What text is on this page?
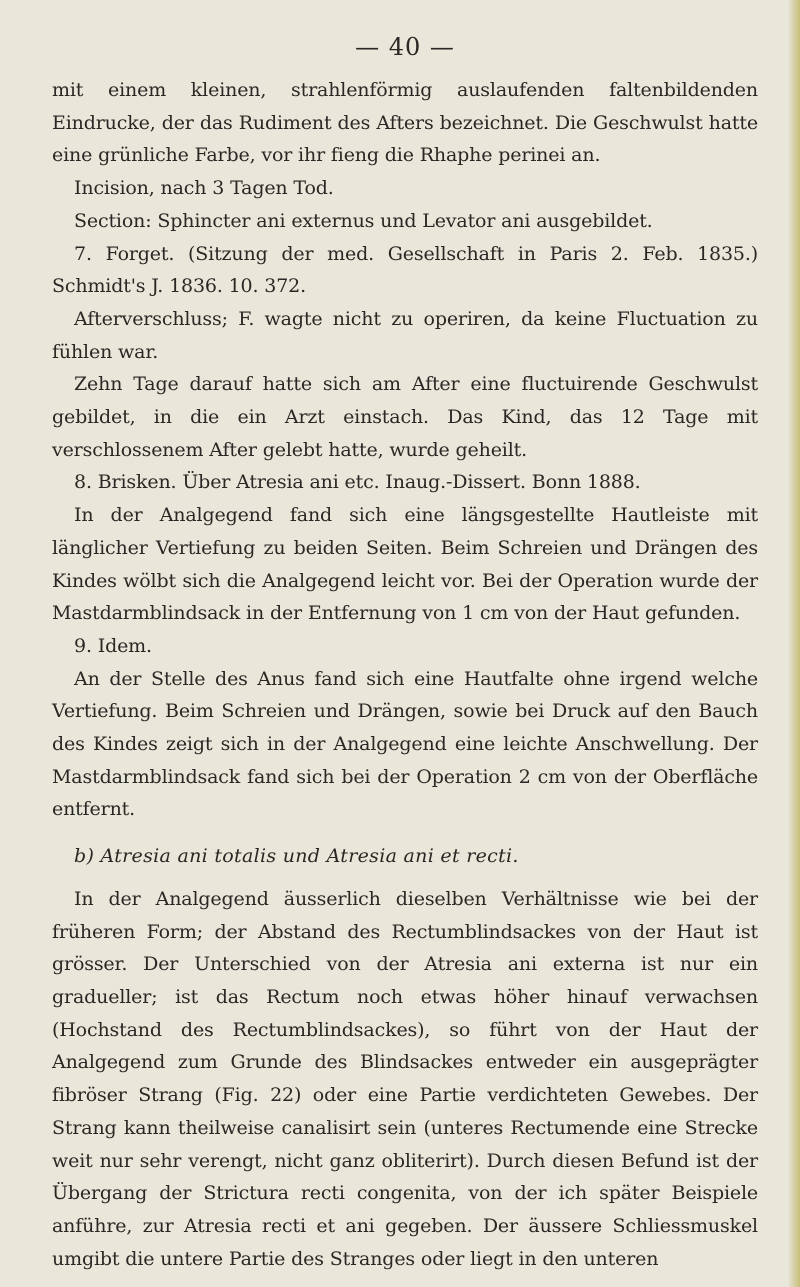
— 40 —

mit einem kleinen, strahlenförmig auslaufenden faltenbildenden Eindrucke, der das Rudiment des Afters bezeichnet. Die Geschwulst hatte eine grünliche Farbe, vor ihr fieng die Rhaphe perinei an.

Incision, nach 3 Tagen Tod.

Section: Sphincter ani externus und Levator ani ausgebildet.

7. Forget. (Sitzung der med. Gesellschaft in Paris 2. Feb. 1835.) Schmidt's J. 1836. 10. 372.

Afterverschluss; F. wagte nicht zu operiren, da keine Fluctuation zu fühlen war.

Zehn Tage darauf hatte sich am After eine fluctuirende Geschwulst gebildet, in die ein Arzt einstach. Das Kind, das 12 Tage mit verschlossenem After gelebt hatte, wurde geheilt.

8. Brisken. Über Atresia ani etc. Inaug.-Dissert. Bonn 1888.

In der Analgegend fand sich eine längsgestellte Hautleiste mit länglicher Vertiefung zu beiden Seiten. Beim Schreien und Drängen des Kindes wölbt sich die Analgegend leicht vor. Bei der Operation wurde der Mastdarmblindsack in der Entfernung von 1 cm von der Haut gefunden.

9. Idem.

An der Stelle des Anus fand sich eine Hautfalte ohne irgend welche Vertiefung. Beim Schreien und Drängen, sowie bei Druck auf den Bauch des Kindes zeigt sich in der Analgegend eine leichte Anschwellung. Der Mastdarmblindsack fand sich bei der Operation 2 cm von der Oberfläche entfernt.

b) Atresia ani totalis und Atresia ani et recti.

In der Analgegend äusserlich dieselben Verhältnisse wie bei der früheren Form; der Abstand des Rectumblindsackes von der Haut ist grösser. Der Unterschied von der Atresia ani externa ist nur ein gradueller; ist das Rectum noch etwas höher hinauf verwachsen (Hochstand des Rectumblindsackes), so führt von der Haut der Analgegend zum Grunde des Blindsackes entweder ein ausgeprägter fibröser Strang (Fig. 22) oder eine Partie verdichteten Gewebes. Der Strang kann theilweise canalisirt sein (unteres Rectumende eine Strecke weit nur sehr verengt, nicht ganz obliterirt). Durch diesen Befund ist der Übergang der Strictura recti congenita, von der ich später Beispiele anführe, zur Atresia recti et ani gegeben. Der äussere Schliessmuskel umgibt die untere Partie des Stranges oder liegt in den unteren
